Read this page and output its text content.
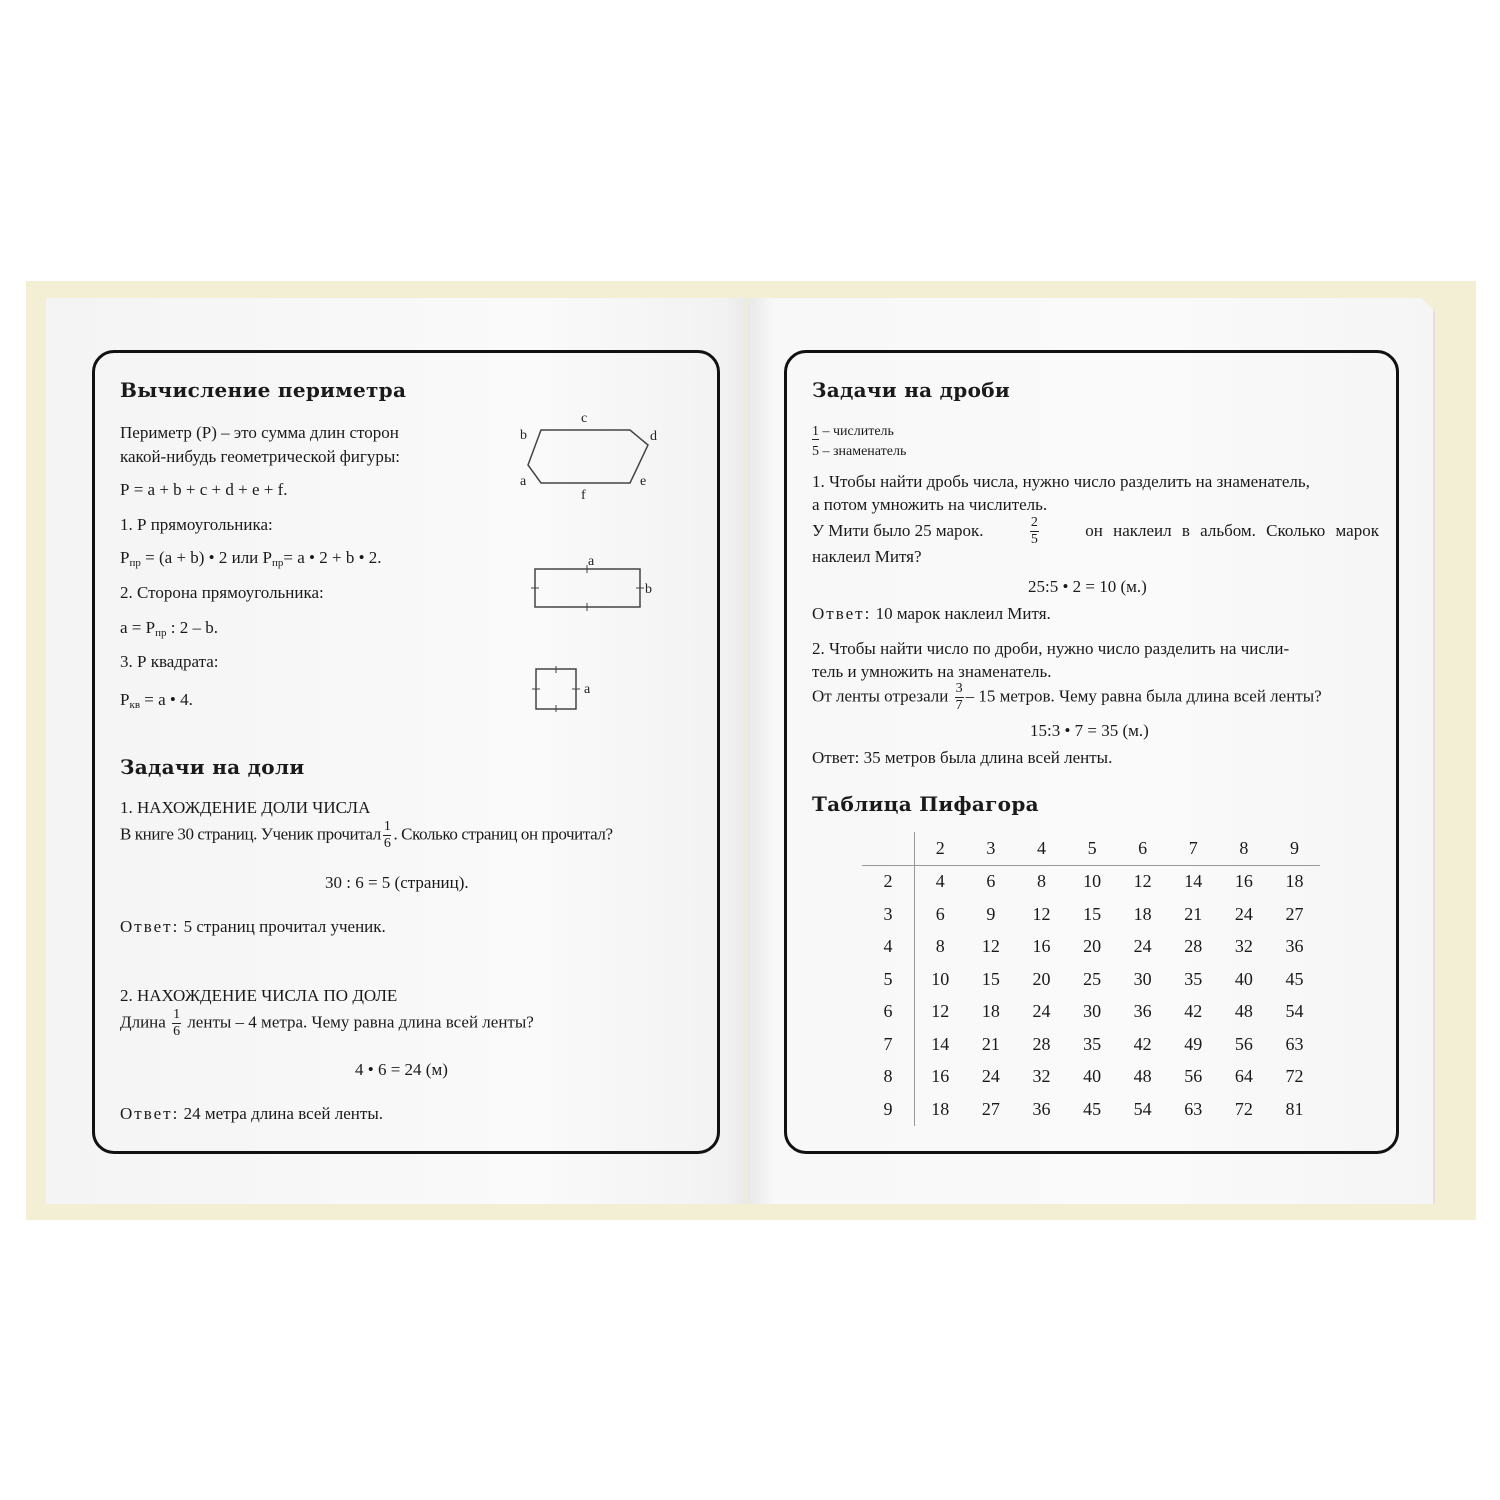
Вычисление периметра
Периметр (Р) – это сумма длин сторон
какой-нибудь геометрической фигуры:
Р = a + b + c + d + e + f.
c
b	d
a	e
f
1. Р прямоугольника:
$Р_{пр} = (a + b)$ • 2 или $Р_{пр}= a$ • 2 + b • 2.
2. Сторона прямоугольника:
$a = Р_{пр}$ : 2 – b.
3. Р квадрата:
$Р_{кв} = a$ • 4.
a
b
a
Задачи на доли
1. НАХОЖДЕНИЕ ДОЛИ ЧИСЛА
В книге 30 страниц. Ученик прочитал $\frac{1}{6}$ . Сколько страниц он прочитал?
30 : 6 = 5 (страниц).
Ответ: 5 страниц прочитал ученик.
2. НАХОЖДЕНИЕ ЧИСЛА ПО ДОЛЕ
Длина $\frac{1}{6}$ ленты – 4 метра. Чему равна длина всей ленты?
4 • 6 = 24 (м)
Ответ: 24 метра длина всей ленты.
Задачи на дроби
1 – числитель
5 – знаменатель
1. Чтобы найти дробь числа, нужно число разделить на знаменатель,
а потом умножить на числитель.
У Мити было 25 марок.	$\frac{2}{5}$	он наклеил в альбом. Сколько марок
наклеил Митя?
25:5 • 2 = 10 (м.)
Ответ: 10 марок наклеил Митя.
2. Чтобы найти число по дроби, нужно число разделить на числи-
тель и умножить на знаменатель.
От ленты отрезали $\frac{3}{7} - 15$ метров. Чему равна была длина всей ленты?
15:3 • 7 = 35 (м.)
Ответ: 35 метров была длина всей ленты.
Таблица Пифагора
	2	3	4	5	6	7	8	9
2	4	6	8	10	12	14	16	18
3	6	9	12	15	18	21	24	27
4	8	12	16	20	24	28	32	36
5	10	15	20	25	30	35	40	45
6	12	18	24	30	36	42	48	54
7	14	21	28	35	42	49	56	63
8	16	24	32	40	48	56	64	72
9	18	27	36	45	54	63	72	81
